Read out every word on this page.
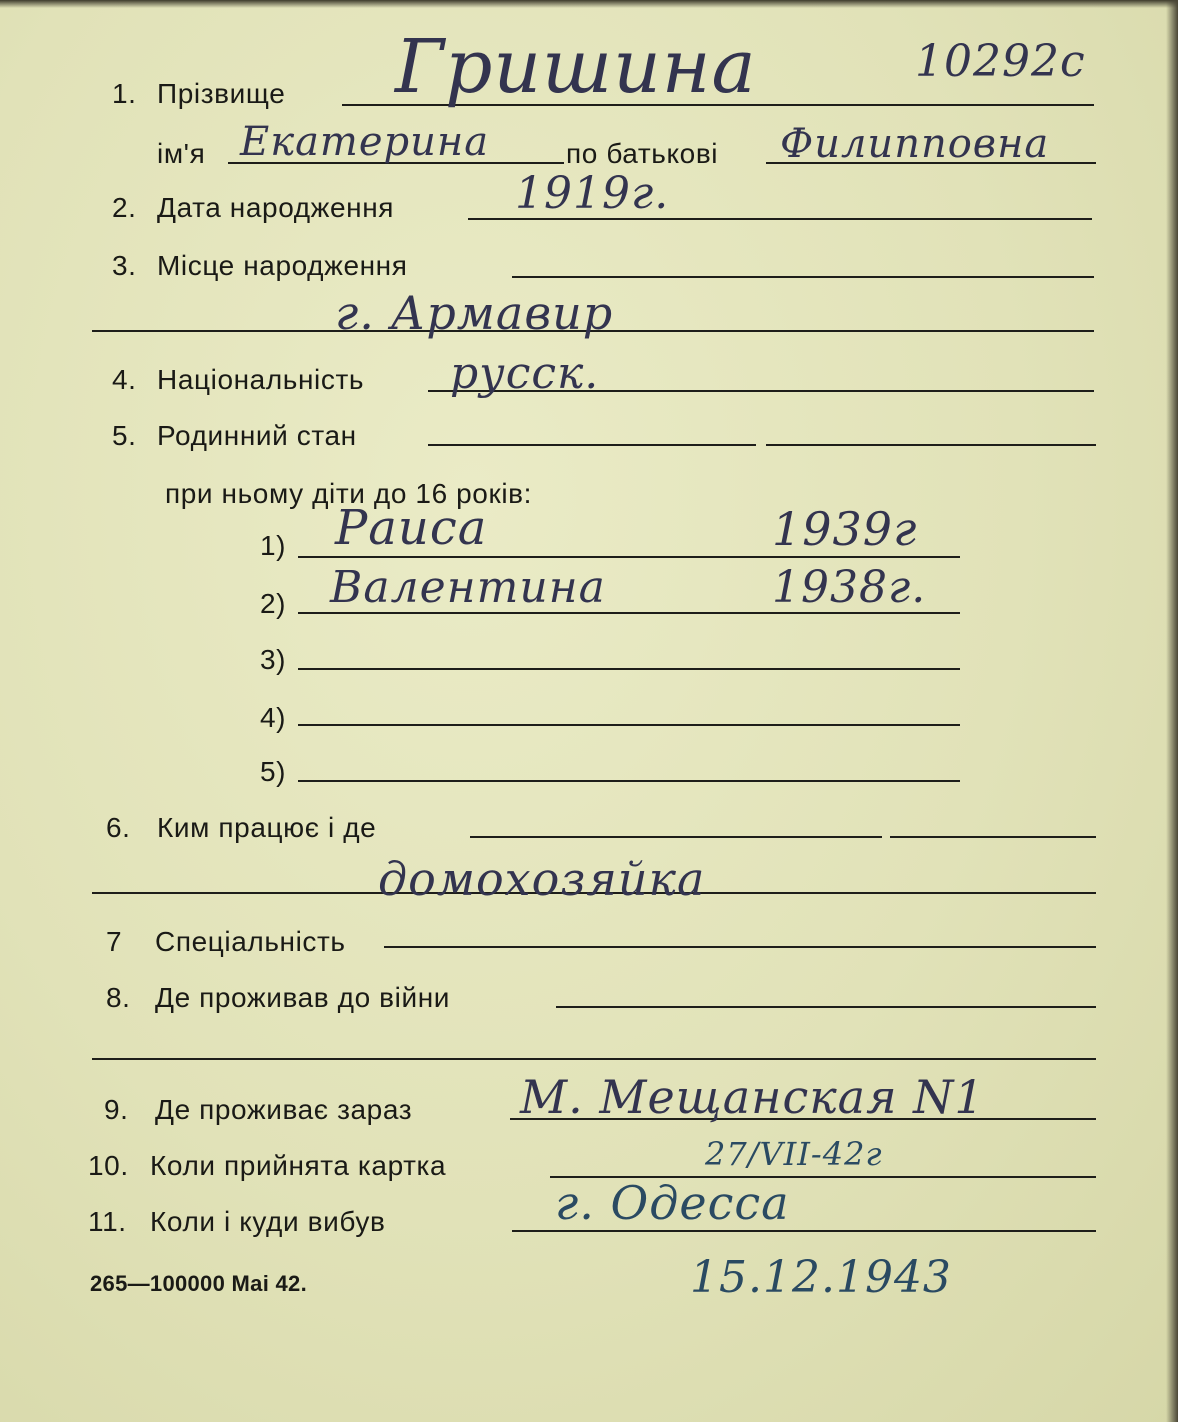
1. Прізвище Гришина	10292с
ім'я Екатерина	по батькові Филипповна
2. Дата народження	1919г.
3. Місце народження
г. Армавир
4. Національність русск.
5. Родинний стан
при ньому діти до 16 років:
1) Раиса	1939г
2) Валентина	1938г.
3)
4)
5)
6. Ким працює і де
домохозяйка
7 Спеціальність
8. Де проживав до війни
9. Де проживає зараз М. Мещанская N1
10. Коли прийнята картка	27/VII-42г
11. Коли і куди вибув	г. Одесса
265—100000 Mai 42.	15.12.1943
